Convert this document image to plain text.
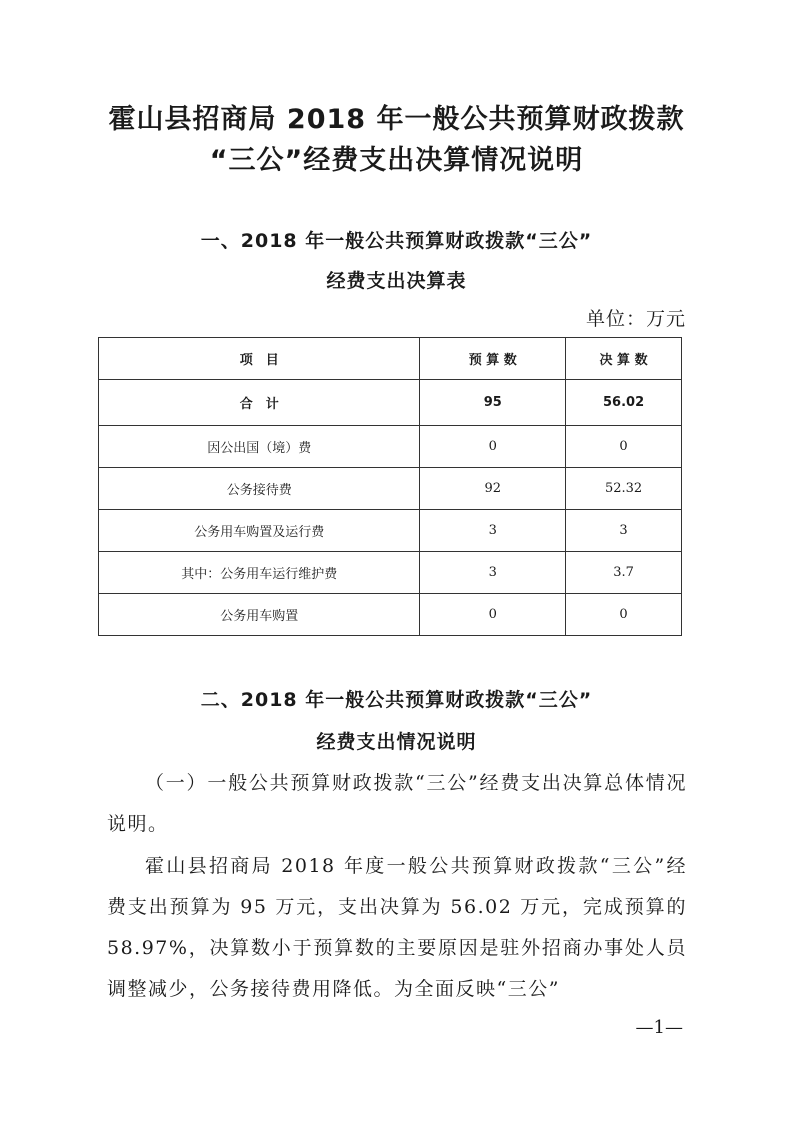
霍山县招商局 2018 年一般公共预算财政拨款
“三公”经费支出决算情况说明
一、2018 年一般公共预算财政拨款“三公”
经费支出决算表
单位：万元
项　目	预 算 数	决 算 数
合　计	95	56.02
因公出国（境）费	0	0
公务接待费	92	52.32
公务用车购置及运行费	3	3
其中：公务用车运行维护费	3	3.7
公务用车购置	0	0
二、2018 年一般公共预算财政拨款“三公”
经费支出情况说明
（一）一般公共预算财政拨款“三公”经费支出决算总体情况说明。
霍山县招商局 2018 年度一般公共预算财政拨款“三公”经费支出预算为 95 万元，支出决算为 56.02 万元，完成预算的 58.97%，决算数小于预算数的主要原因是驻外招商办事处人员调整减少，公务接待费用降低。为全面反映“三公”
—1—
